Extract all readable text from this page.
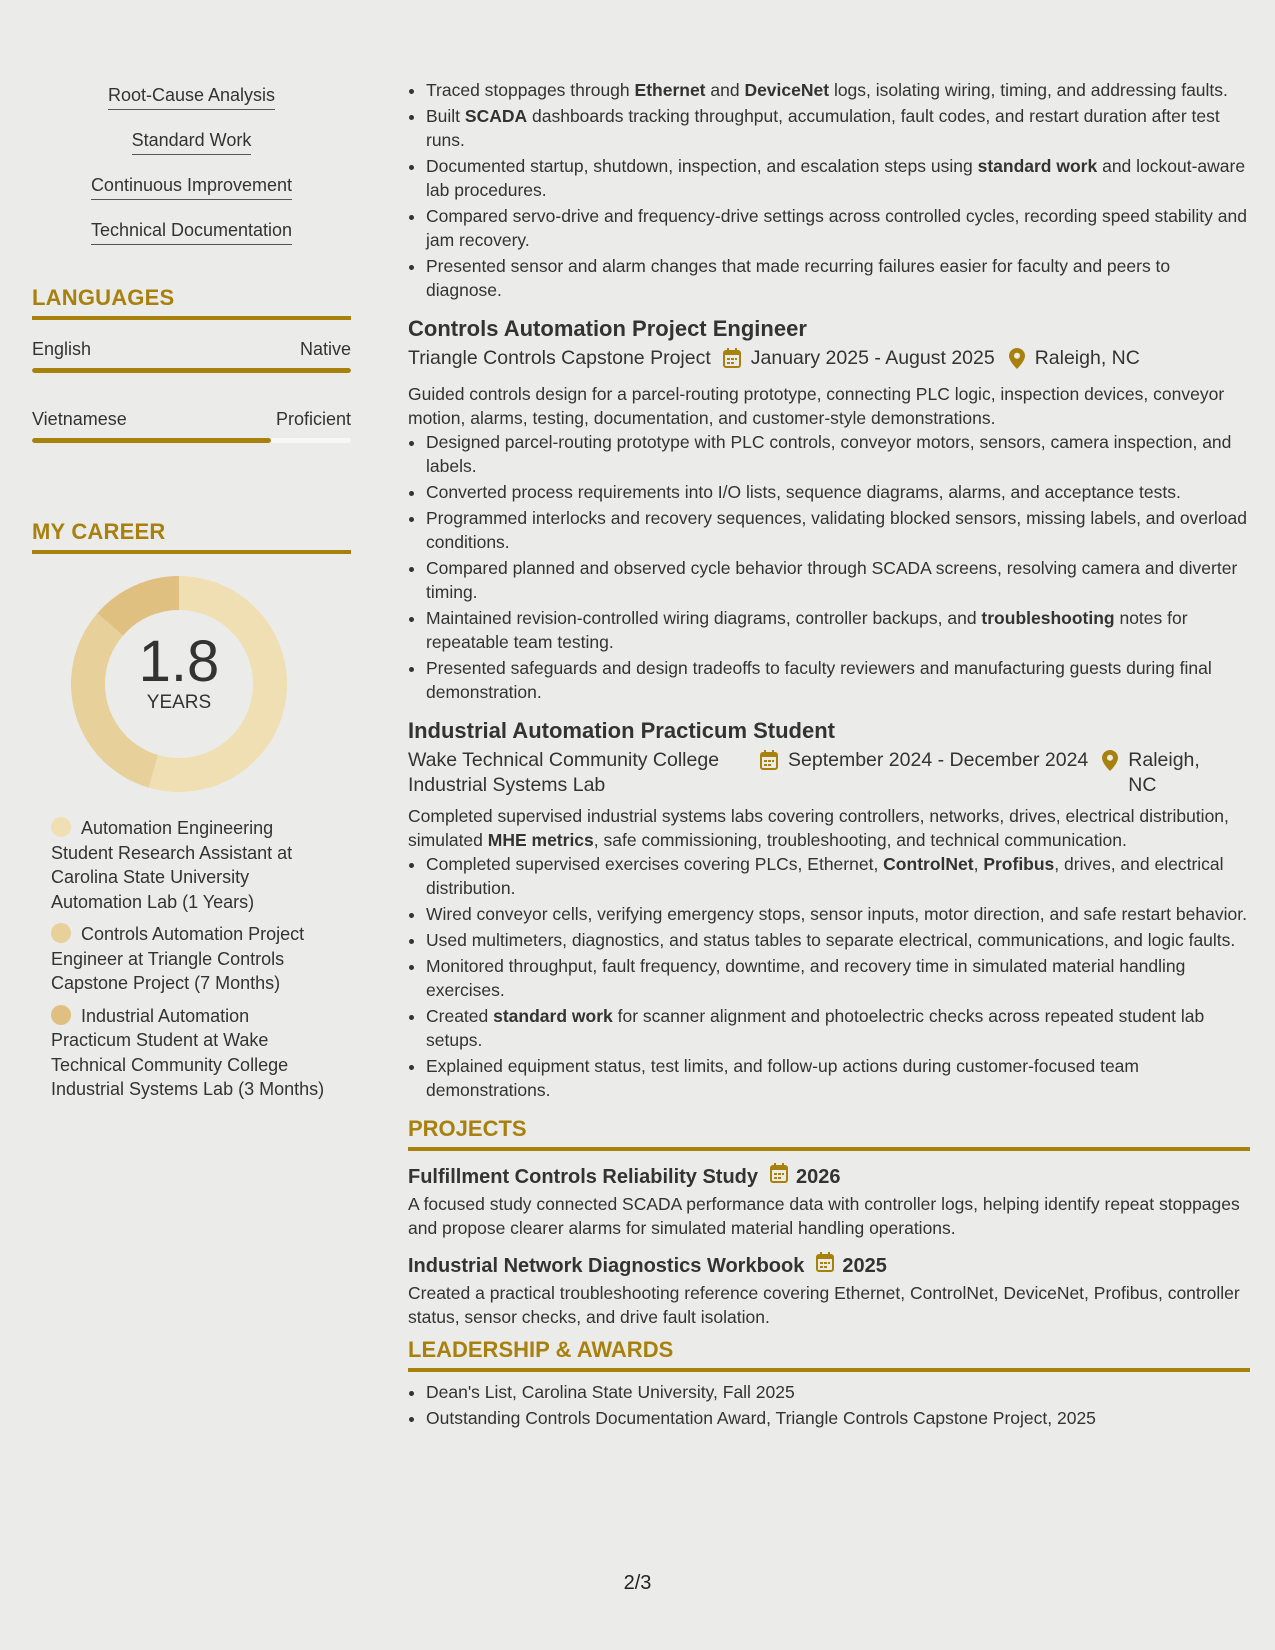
Root-Cause Analysis
Standard Work
Continuous Improvement
Technical Documentation
LANGUAGES
English	Native
Vietnamese	Proficient
MY CAREER
1.8
YEARS
Automation Engineering Student Research Assistant at Carolina State University Automation Lab (1 Years)
Controls Automation Project Engineer at Triangle Controls Capstone Project (7 Months)
Industrial Automation Practicum Student at Wake Technical Community College Industrial Systems Lab (3 Months)
• Traced stoppages through Ethernet and DeviceNet logs, isolating wiring, timing, and addressing faults.
• Built SCADA dashboards tracking throughput, accumulation, fault codes, and restart duration after test runs.
• Documented startup, shutdown, inspection, and escalation steps using standard work and lockout-aware lab procedures.
• Compared servo-drive and frequency-drive settings across controlled cycles, recording speed stability and jam recovery.
• Presented sensor and alarm changes that made recurring failures easier for faculty and peers to diagnose.
Controls Automation Project Engineer
Triangle Controls Capstone Project January 2025 - August 2025 Raleigh, NC
Guided controls design for a parcel-routing prototype, connecting PLC logic, inspection devices, conveyor motion, alarms, testing, documentation, and customer-style demonstrations.
• Designed parcel-routing prototype with PLC controls, conveyor motors, sensors, camera inspection, and labels.
• Converted process requirements into I/O lists, sequence diagrams, alarms, and acceptance tests.
• Programmed interlocks and recovery sequences, validating blocked sensors, missing labels, and overload conditions.
• Compared planned and observed cycle behavior through SCADA screens, resolving camera and diverter timing.
• Maintained revision-controlled wiring diagrams, controller backups, and troubleshooting notes for repeatable team testing.
• Presented safeguards and design tradeoffs to faculty reviewers and manufacturing guests during final demonstration.
Industrial Automation Practicum Student
Wake Technical Community College Industrial Systems Lab
September 2024 - December 2024 Raleigh, NC
Completed supervised industrial systems labs covering controllers, networks, drives, electrical distribution, simulated MHE metrics, safe commissioning, troubleshooting, and technical communication.
• Completed supervised exercises covering PLCs, Ethernet, ControlNet, Profibus, drives, and electrical distribution.
• Wired conveyor cells, verifying emergency stops, sensor inputs, motor direction, and safe restart behavior.
• Used multimeters, diagnostics, and status tables to separate electrical, communications, and logic faults.
• Monitored throughput, fault frequency, downtime, and recovery time in simulated material handling exercises.
• Created standard work for scanner alignment and photoelectric checks across repeated student lab setups.
• Explained equipment status, test limits, and follow-up actions during customer-focused team demonstrations.
PROJECTS
Fulfillment Controls Reliability Study 2026
A focused study connected SCADA performance data with controller logs, helping identify repeat stoppages and propose clearer alarms for simulated material handling operations.
Industrial Network Diagnostics Workbook 2025
Created a practical troubleshooting reference covering Ethernet, ControlNet, DeviceNet, Profibus, controller status, sensor checks, and drive fault isolation.
LEADERSHIP & AWARDS
• Dean's List, Carolina State University, Fall 2025
• Outstanding Controls Documentation Award, Triangle Controls Capstone Project, 2025
2/3
